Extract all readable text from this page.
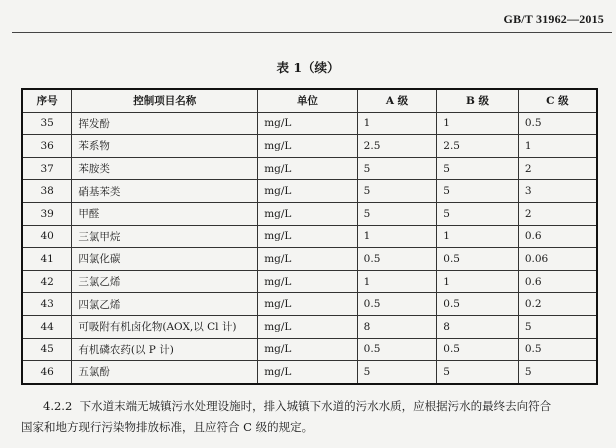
GB/T 31962—2015
表 1（续）
序号	控制项目名称	单位	A 级	B 级	C 级
35	挥发酚	mg/L	1	1	0.5
36	苯系物	mg/L	2.5	2.5	1
37	苯胺类	mg/L	5	5	2
38	硝基苯类	mg/L	5	5	3
39	甲醛	mg/L	5	5	2
40	三氯甲烷	mg/L	1	1	0.6
41	四氯化碳	mg/L	0.5	0.5	0.06
42	三氯乙烯	mg/L	1	1	0.6
43	四氯乙烯	mg/L	0.5	0.5	0.2
44	可吸附有机卤化物(AOX,以 Cl 计)	mg/L	8	8	5
45	有机磷农药(以 P 计)	mg/L	0.5	0.5	0.5
46	五氯酚	mg/L	5	5	5
4.2.2 下水道末端无城镇污水处理设施时，排入城镇下水道的污水水质，应根据污水的最终去向符合
国家和地方现行污染物排放标准，且应符合 C 级的规定。
